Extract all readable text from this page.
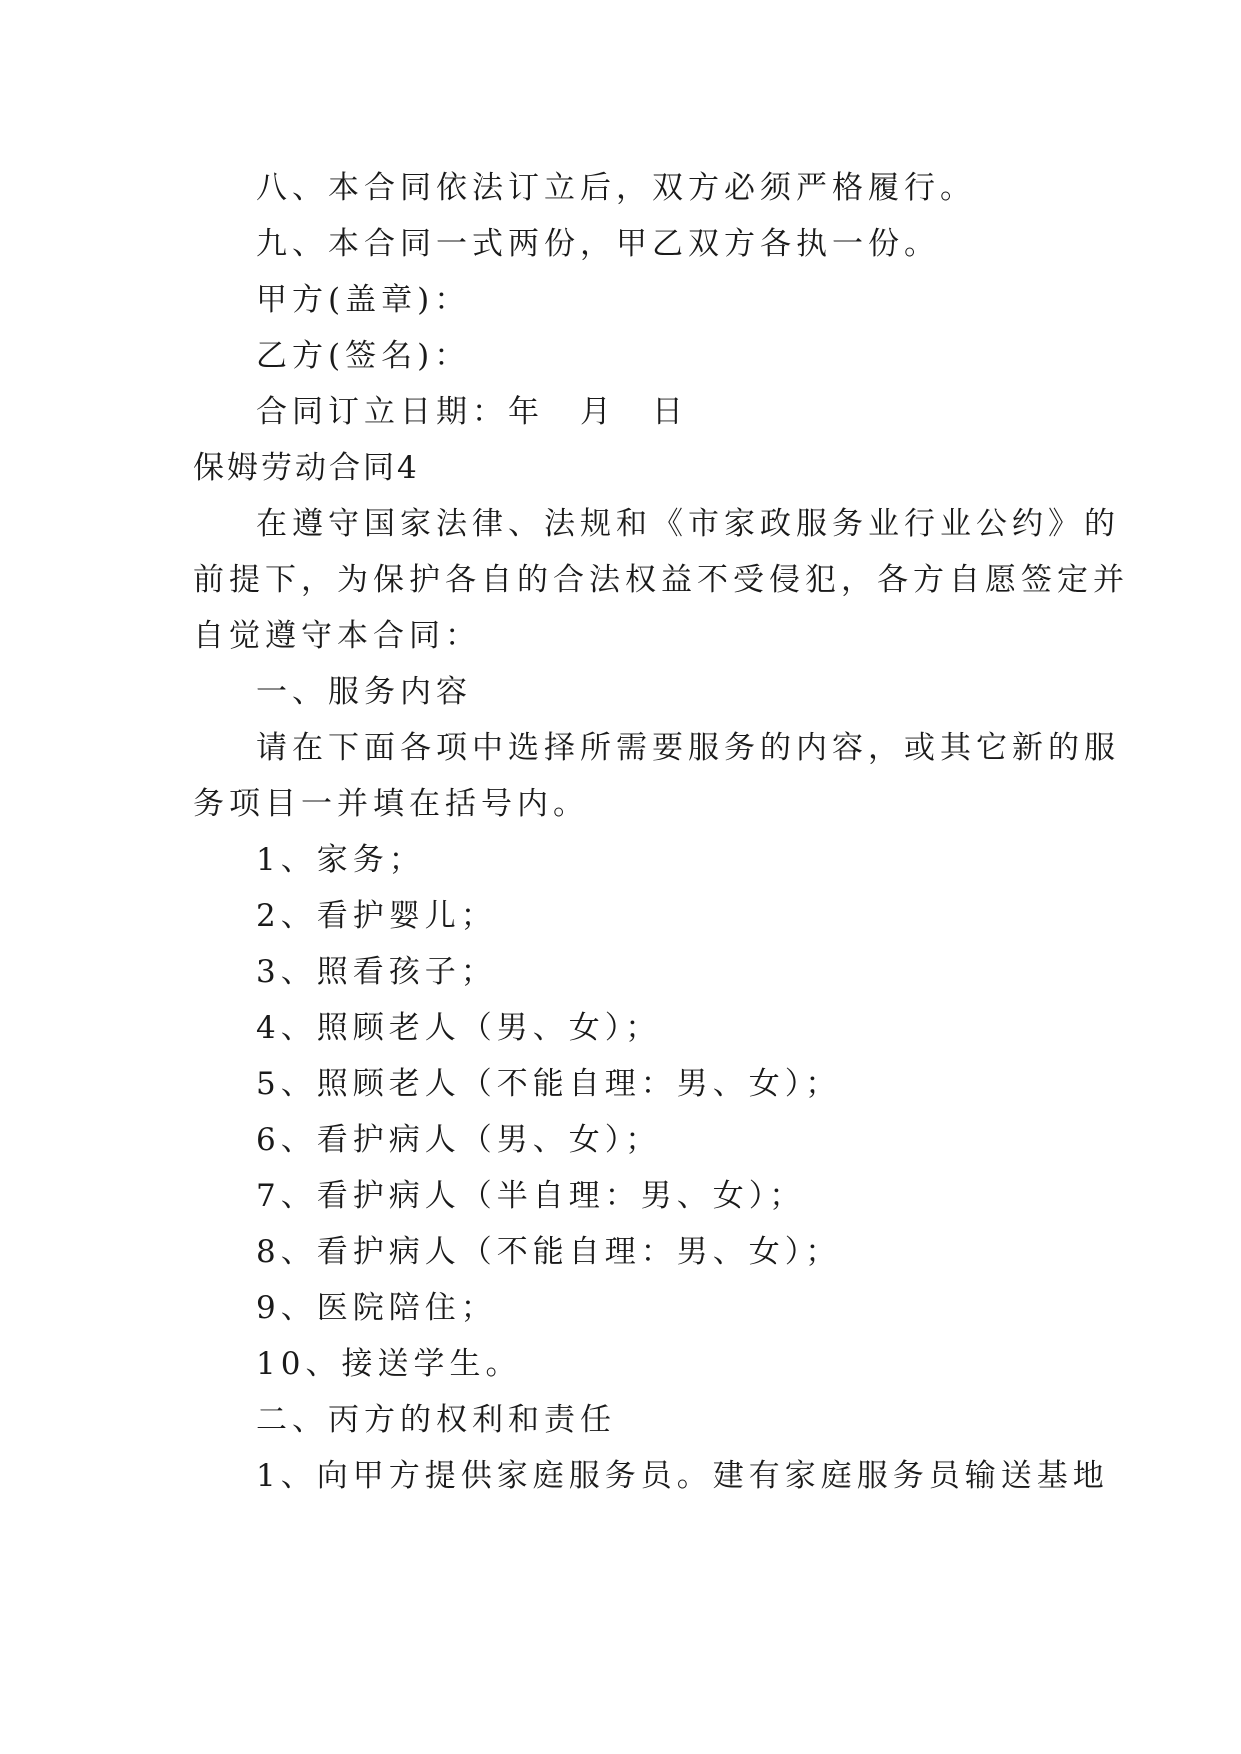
八、本合同依法订立后，双方必须严格履行。
九、本合同一式两份，甲乙双方各执一份。
甲方(盖章)：
乙方(签名)：
合同订立日期：年 月 日
保姆劳动合同4
在遵守国家法律、法规和《市家政服务业行业公约》的
前提下，为保护各自的合法权益不受侵犯，各方自愿签定并
自觉遵守本合同：
一、服务内容
请在下面各项中选择所需要服务的内容，或其它新的服
务项目一并填在括号内。
1、家务；
2、看护婴儿；
3、照看孩子；
4、照顾老人（男、女）；
5、照顾老人（不能自理：男、女）；
6、看护病人（男、女）；
7、看护病人（半自理：男、女）；
8、看护病人（不能自理：男、女）；
9、医院陪住；
10、接送学生。
二、丙方的权利和责任
1、向甲方提供家庭服务员。建有家庭服务员输送基地
